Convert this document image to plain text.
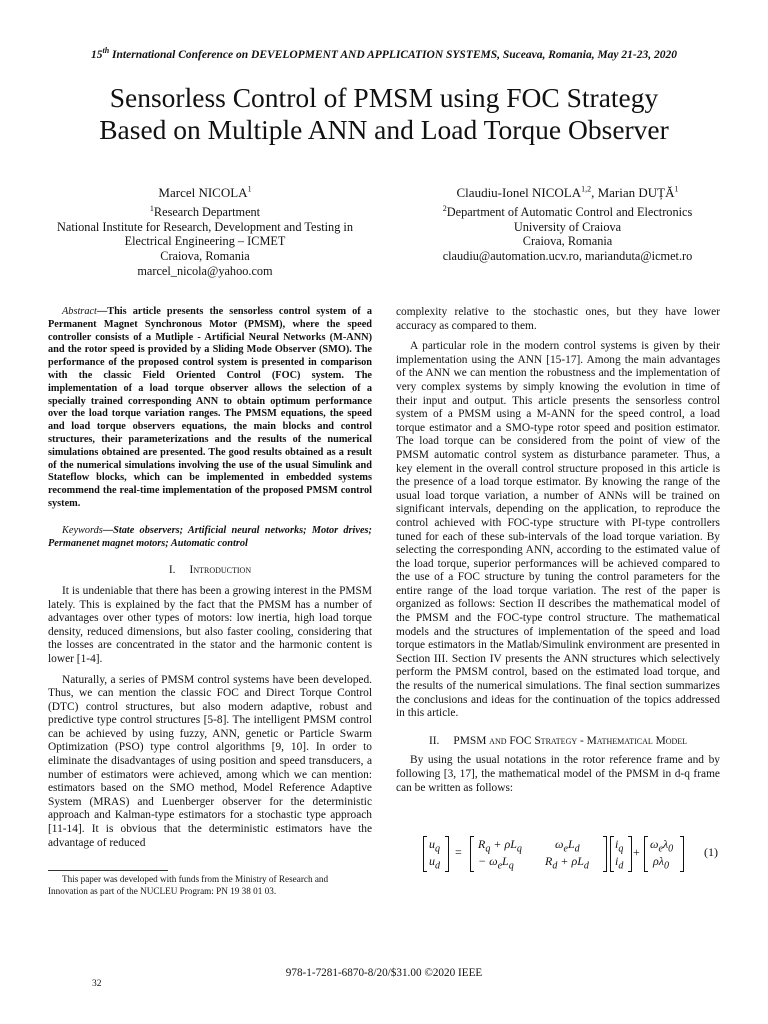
15th International Conference on DEVELOPMENT AND APPLICATION SYSTEMS, Suceava, Romania, May 21-23, 2020
Sensorless Control of PMSM using FOC Strategy
Based on Multiple ANN and Load Torque Observer
Marcel NICOLA$^1$
$^1$Research Department
National Institute for Research, Development and Testing in
Electrical Engineering – ICMET
Craiova, Romania
marcel_nicola@yahoo.com
Claudiu-Ionel NICOLA$^{1,2}$, Marian DUȚĂ$^1$
$^2$Department of Automatic Control and Electronics
University of Craiova
Craiova, Romania
claudiu@automation.ucv.ro, marianduta@icmet.ro

Abstract—This article presents the sensorless control system of a Permanent Magnet Synchronous Motor (PMSM), where the speed controller consists of a Mutliple - Artificial Neural Networks (M-ANN) and the rotor speed is provided by a Sliding Mode Observer (SMO). The performance of the proposed control system is presented in comparison with the classic Field Oriented Control (FOC) system. The implementation of a load torque observer allows the selection of a specially trained corresponding ANN to obtain optimum performance over the load torque variation ranges. The PMSM equations, the speed and load torque observers equations, the main blocks and control structures, their parameterizations and the results of the numerical simulations obtained are presented. The good results obtained as a result of the numerical simulations involving the use of the usual Simulink and Stateflow blocks, which can be implemented in embedded systems recommend the real-time implementation of the proposed PMSM control system.

Keywords—State observers; Artificial neural networks; Motor drives; Permanenet magnet motors; Automatic control
I. Introduction

It is undeniable that there has been a growing interest in the PMSM lately. This is explained by the fact that the PMSM has a number of advantages over other types of motors: low inertia, high load torque density, reduced dimensions, but also faster cooling, considering that the losses are concentrated in the stator and the harmonic content is lower [1-4].

Naturally, a series of PMSM control systems have been developed. Thus, we can mention the classic FOC and Direct Torque Control (DTC) control structures, but also modern adaptive, robust and predictive type control structures [5-8]. The intelligent PMSM control can be achieved by using fuzzy, ANN, genetic or Particle Swarm Optimization (PSO) type control algorithms [9, 10]. In order to eliminate the disadvantages of using position and speed transducers, a number of estimators were achieved, among which we can mention: estimators based on the SMO method, Model Reference Adaptive System (MRAS) and Luenberger observer for the deterministic approach and Kalman-type estimators for a stochastic type approach [11-14]. It is obvious that the deterministic estimators have the advantage of reduced

This paper was developed with funds from the Ministry of Research and Innovation as part of the NUCLEU Program: PN 19 38 01 03.

complexity relative to the stochastic ones, but they have lower accuracy as compared to them.

A particular role in the modern control systems is given by their implementation using the ANN [15-17]. Among the main advantages of the ANN we can mention the robustness and the implementation of very complex systems by simply knowing the evolution in time of their input and output. This article presents the sensorless control system of a PMSM using a M-ANN for the speed control, a load torque estimator and a SMO-type rotor speed and position estimator. The load torque can be considered from the point of view of the PMSM automatic control system as disturbance parameter. Thus, a key element in the overall control structure proposed in this article is the presence of a load torque estimator. By knowing the range of the usual load torque variation, a number of ANNs will be trained on significant intervals, depending on the application, to reproduce the control achieved with FOC-type structure with PI-type controllers tuned for each of these sub-intervals of the load torque variation. By selecting the corresponding ANN, according to the estimated value of the load torque, superior performances will be achieved compared to the use of a FOC structure by tuning the control parameters for the entire range of the load torque variation. The rest of the paper is organized as follows: Section II describes the mathematical model of the PMSM and the FOC-type control structure. The mathematical models and the structures of implementation of the speed and load torque estimators in the Matlab/Simulink environment are presented in Section III. Section IV presents the ANN structures which selectively perform the PMSM control, based on the estimated load torque, and the results of the numerical simulations. The final section summarizes the conclusions and ideas for the continuation of the topics addressed in this article.

II. PMSM and FOC Strategy - Mathematical Model

By using the usual notations in the rotor reference frame and by following [3, 17], the mathematical model of the PMSM in d-q frame can be written as follows:

$u_q$
$u_d$
=
$R_q + \rho L_q$	$\omega_eL_d$
− $\omega_eL_q$	$R_d + \rho L_d$
$i_q$
$i_d$
+
$\omega_e\lambda_0$
$\rho\lambda_0$
(1)
978-1-7281-6870-8/20/$31.00 ©2020 IEEE
32
